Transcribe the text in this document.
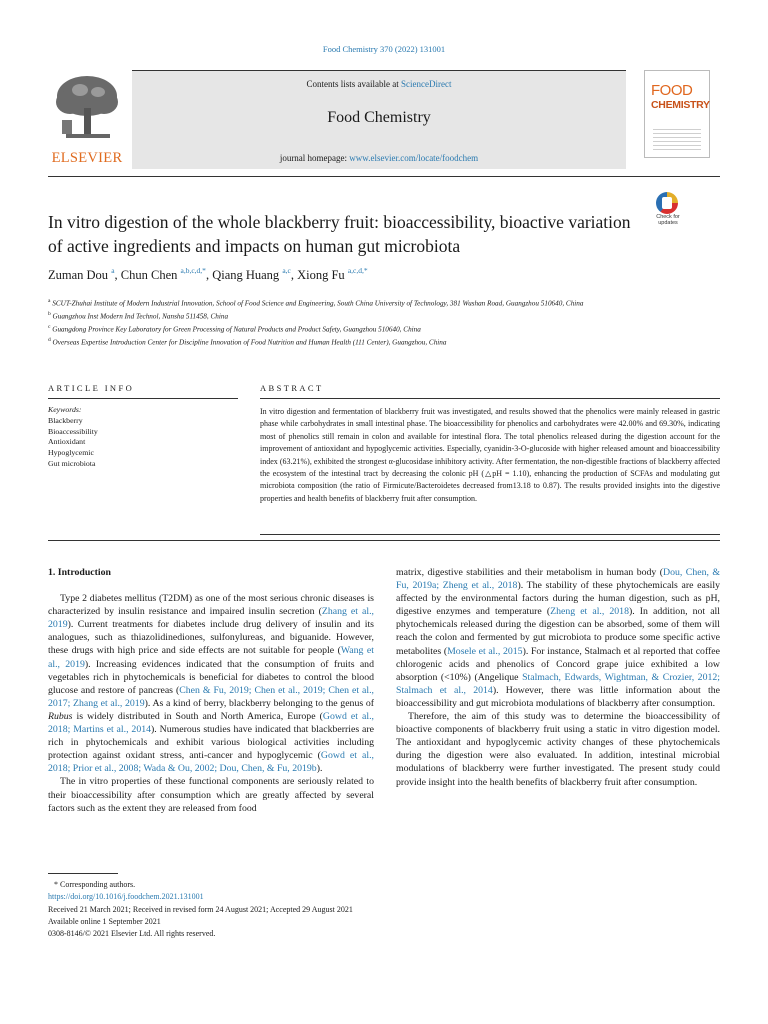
Food Chemistry 370 (2022) 131001
ELSEVIER
Contents lists available at ScienceDirect
Food Chemistry
journal homepage: www.elsevier.com/locate/foodchem
FOOD
CHEMISTRY
Check for updates
In vitro digestion of the whole blackberry fruit: bioaccessibility, bioactive variation of active ingredients and impacts on human gut microbiota
Zuman Dou $^a$, Chun Chen $^{a,b,c,d,*}$, Qiang Huang $^{a,c}$, Xiong Fu $^{a,c,d,*}$
$^a$ SCUT-Zhuhai Institute of Modern Industrial Innovation, School of Food Science and Engineering, South China University of Technology, 381 Wushan Road, Guangzhou 510640, China
$^b$ Guangzhou Inst Modern Ind Technol, Nansha 511458, China
$^c$ Guangdong Province Key Laboratory for Green Processing of Natural Products and Product Safety, Guangzhou 510640, China
$^d$ Overseas Expertise Introduction Center for Discipline Innovation of Food Nutrition and Human Health (111 Center), Guangzhou, China
ARTICLE INFO	ABSTRACT
Keywords:
Blackberry
Bioaccessibility
Antioxidant
Hypoglycemic
Gut microbiota
In vitro digestion and fermentation of blackberry fruit was investigated, and results showed that the phenolics were mainly released in gastric phase while carbohydrates in small intestinal phase. The bioaccessibility for phenolics and carbohydrates were 42.00% and 69.30%, indicating most of phenolics still remain in colon and available for intestinal flora. The total phenolics released during the digestion account for the improvement of antioxidant and hypoglycemic activities. Especially, cyanidin-3-O-glucoside with higher released amount and bioaccessibility index (63.21%), exhibited the strongest α-glucosidase inhibitory activity. After fermentation, the non-digestible fractions of blackberry affected the ecosystem of the intestinal tract by decreasing the colonic pH (△pH = 1.10), enhancing the production of SCFAs and modulating gut microbiota composition (the ratio of Firmicute/Bacteroidetes decreased from13.18 to 0.87). The results provided insights into the digestive properties and health benefits of blackberry fruit after consumption.
1. Introduction

Type 2 diabetes mellitus (T2DM) as one of the most serious chronic diseases is characterized by insulin resistance and impaired insulin secretion (Zhang et al., 2019). Current treatments for diabetes include drug delivery of insulin and its analogues, such as thiazolidinediones, sulfonylureas, and biguanide. However, these drugs with high price and side effects are not suitable for people (Wang et al., 2019). Increasing evidences indicated that the consumption of fruits and vegetables rich in phytochemicals is beneficial for diabetes to control the blood glucose and restore of pancreas (Chen & Fu, 2019; Chen et al., 2019; Chen et al., 2017; Zhang et al., 2019). As a kind of berry, blackberry belonging to the genus of Rubus is widely distributed in South and North America, Europe (Gowd et al., 2018; Martins et al., 2014). Numerous studies have indicated that blackberries are rich in phytochemicals and exhibit various biological activities including protection against oxidant stress, anti-cancer and hypoglycemic (Gowd et al., 2018; Prior et al., 2008; Wada & Ou, 2002; Dou, Chen, & Fu, 2019b).

The in vitro properties of these functional components are seriously related to their bioaccessibility after consumption which are greatly affected by several factors such as the extent they are released from food

matrix, digestive stabilities and their metabolism in human body (Dou, Chen, & Fu, 2019a; Zheng et al., 2018). The stability of these phytochemicals are easily affected by the environmental factors during the human digestion, such as pH, digestive enzymes and temperature (Zheng et al., 2018). In addition, not all phytochemicals released during the digestion can be absorbed, some of them will reach the colon and fermented by gut microbiota to produce some specific active metabolites (Mosele et al., 2015). For instance, Stalmach et al reported that coffee chlorogenic acids and phenolics of Concord grape juice exhibited a low absorption (<10%) (Angelique Stalmach, Edwards, Wightman, & Crozier, 2012; Stalmach et al., 2014). However, there was little information about the bioaccessibility and gut microbiota modulations of blackberry after consumption.

Therefore, the aim of this study was to determine the bioaccessibility of bioactive components of blackberry fruit using a static in vitro digestion model. The antioxidant and hypoglycemic activity changes of these phytochemicals during the digestion were also evaluated. In addition, intestinal microbial modulations of blackberry were further investigated. The present study could provide insight into the health benefits of blackberry fruit after consumption.

* Corresponding authors.
https://doi.org/10.1016/j.foodchem.2021.131001
Received 21 March 2021; Received in revised form 24 August 2021; Accepted 29 August 2021
Available online 1 September 2021
0308-8146/© 2021 Elsevier Ltd. All rights reserved.
